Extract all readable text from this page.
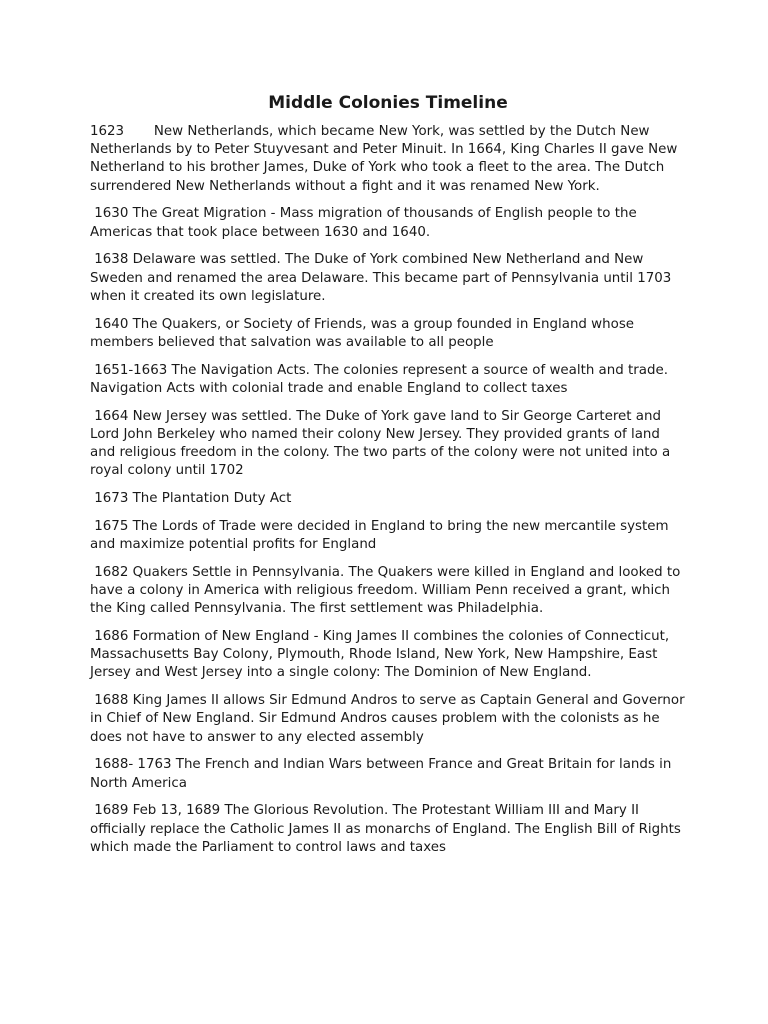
Middle Colonies Timeline

1623       New Netherlands, which became New York, was settled by the Dutch New Netherlands by to Peter Stuyvesant and Peter Minuit. In 1664, King Charles II gave New Netherland to his brother James, Duke of York who took a fleet to the area. The Dutch surrendered New Netherlands without a fight and it was renamed New York.

1630 The Great Migration - Mass migration of thousands of English people to the Americas that took place between 1630 and 1640.

1638 Delaware was settled. The Duke of York combined New Netherland and New Sweden and renamed the area Delaware. This became part of Pennsylvania until 1703 when it created its own legislature.

1640 The Quakers, or Society of Friends, was a group founded in England whose members believed that salvation was available to all people

1651-1663 The Navigation Acts. The colonies represent a source of wealth and trade. Navigation Acts with colonial trade and enable England to collect taxes

1664 New Jersey was settled. The Duke of York gave land to Sir George Carteret and Lord John Berkeley who named their colony New Jersey. They provided grants of land and religious freedom in the colony. The two parts of the colony were not united into a royal colony until 1702

1673 The Plantation Duty Act

1675 The Lords of Trade were decided in England to bring the new mercantile system and maximize potential profits for England

1682 Quakers Settle in Pennsylvania. The Quakers were killed in England and looked to have a colony in America with religious freedom. William Penn received a grant, which the King called Pennsylvania. The first settlement was Philadelphia.

1686 Formation of New England - King James II combines the colonies of Connecticut, Massachusetts Bay Colony, Plymouth, Rhode Island, New York, New Hampshire, East Jersey and West Jersey into a single colony: The Dominion of New England.

1688 King James II allows Sir Edmund Andros to serve as Captain General and Governor in Chief of New England. Sir Edmund Andros causes problem with the colonists as he does not have to answer to any elected assembly

1688- 1763 The French and Indian Wars between France and Great Britain for lands in North America

1689 Feb 13, 1689 The Glorious Revolution. The Protestant William III and Mary II officially replace the Catholic James II as monarchs of England. The English Bill of Rights which made the Parliament to control laws and taxes
